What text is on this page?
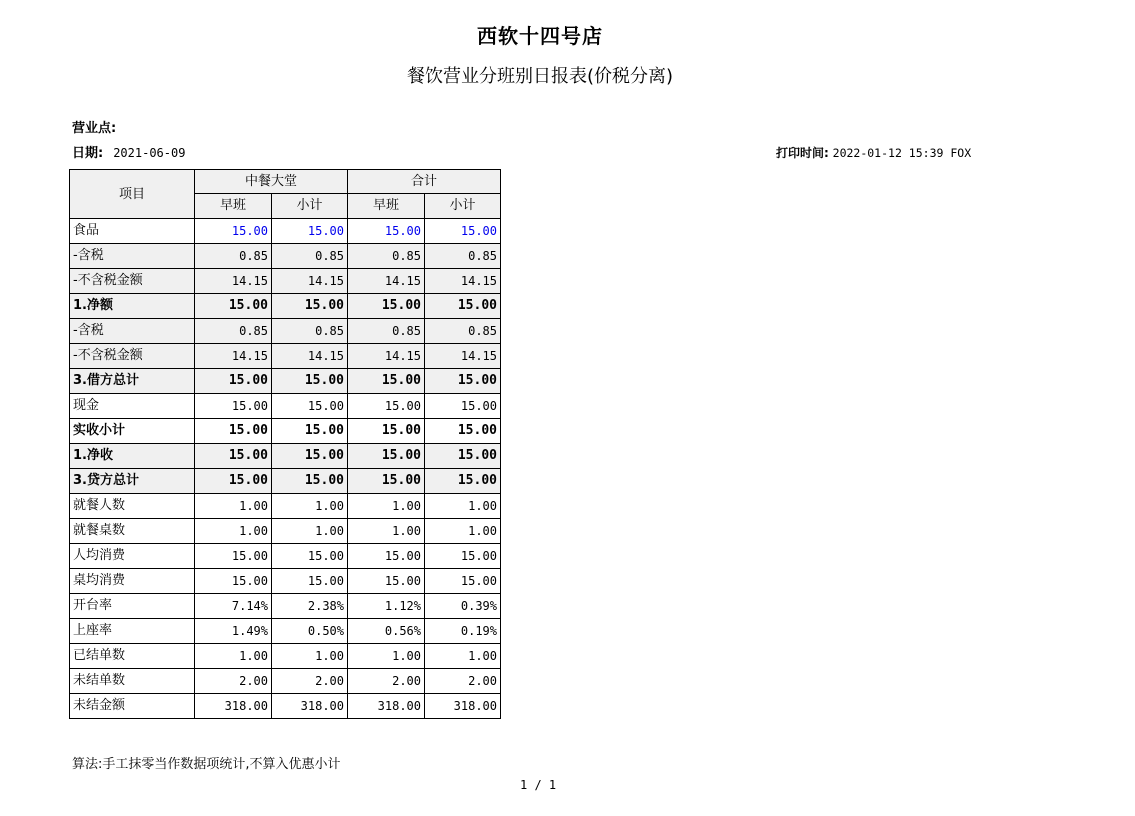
西软十四号店
餐饮营业分班别日报表(价税分离)
营业点:
日期: 2021-06-09	打印时间: 2022-01-12 15:39 FOX
项目	中餐大堂		合计	
	早班	小计	早班	小计
食品	15.00	15.00	15.00	15.00
-含税	0.85	0.85	0.85	0.85
-不含税金额	14.15	14.15	14.15	14.15
1.净额	15.00	15.00	15.00	15.00
-含税	0.85	0.85	0.85	0.85
-不含税金额	14.15	14.15	14.15	14.15
3.借方总计	15.00	15.00	15.00	15.00
现金	15.00	15.00	15.00	15.00
实收小计	15.00	15.00	15.00	15.00
1.净收	15.00	15.00	15.00	15.00
3.贷方总计	15.00	15.00	15.00	15.00
就餐人数	1.00	1.00	1.00	1.00
就餐桌数	1.00	1.00	1.00	1.00
人均消费	15.00	15.00	15.00	15.00
桌均消费	15.00	15.00	15.00	15.00
开台率	7.14%	2.38%	1.12%	0.39%
上座率	1.49%	0.50%	0.56%	0.19%
已结单数	1.00	1.00	1.00	1.00
未结单数	2.00	2.00	2.00	2.00
未结金额	318.00	318.00	318.00	318.00
算法:手工抹零当作数据项统计,不算入优惠小计
1 / 1
